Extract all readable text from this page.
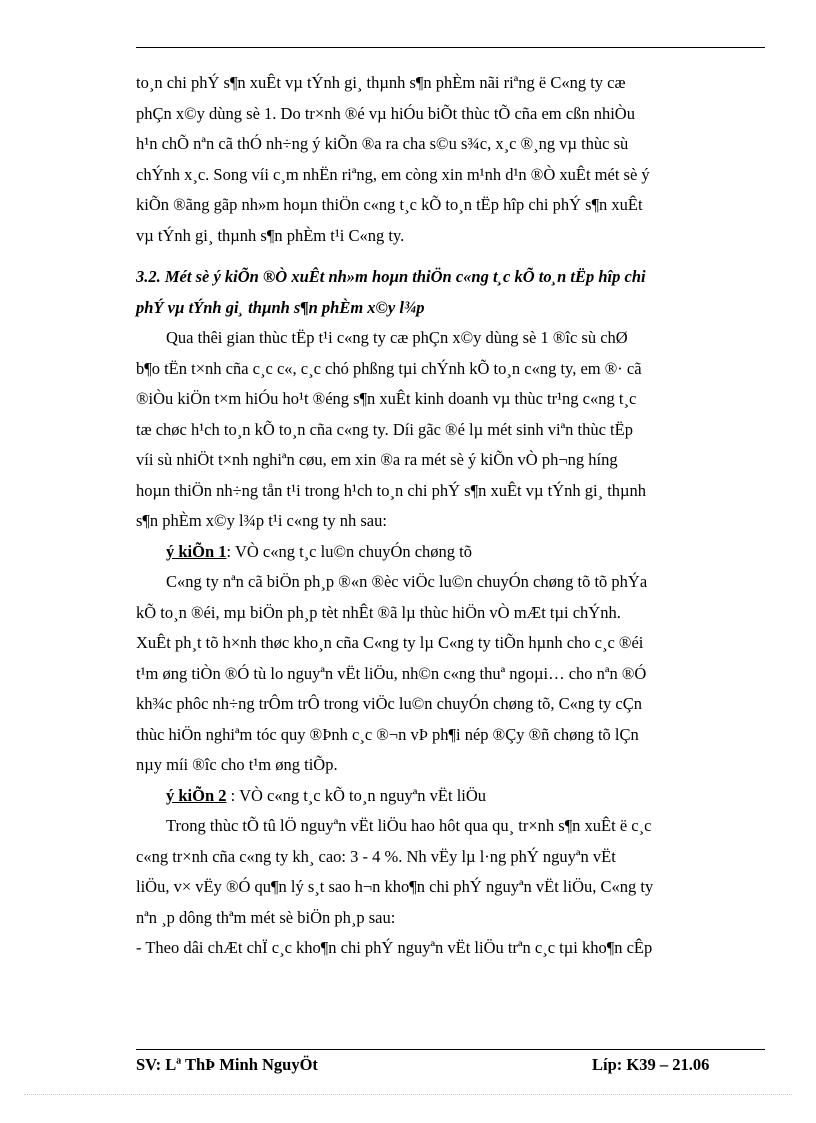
to¸n chi phÝ s¶n xuÊt vµ tÝnh gi¸ thµnh s¶n phÈm nãi riªng ë C«ng ty cæ
phÇn x©y dùng sè 1. Do tr×nh ®é vµ hiÓu biÕt thùc tÕ cña em cßn nhiÒu
h¹n chÕ nªn cã thÓ nh÷ng ý kiÕn ®a ra cha s©u s¾c, x¸c ®¸ng vµ thùc sù
chÝnh x¸c. Song víi c¸m nhËn riªng, em còng xin m¹nh d¹n ®Ò xuÊt mét sè ý
kiÕn ®ãng gãp nh»m hoµn thiÖn c«ng t¸c kÕ to¸n tËp hîp chi phÝ s¶n xuÊt
vµ tÝnh gi¸ thµnh s¶n phÈm t¹i C«ng ty.

3.2. Mét sè ý kiÕn ®Ò xuÊt nh»m hoµn thiÖn c«ng t¸c kÕ to¸n tËp hîp chi
phÝ vµ tÝnh gi¸ thµnh s¶n phÈm x©y l¾p

Qua thêi gian thùc tËp t¹i c«ng ty cæ phÇn x©y dùng sè 1 ®îc sù chØ
b¶o tËn t×nh cña c¸c c«, c¸c chó phßng tµi chÝnh kÕ to¸n c«ng ty, em ®· cã
®iÒu kiÖn t×m hiÓu ho¹t ®éng s¶n xuÊt kinh doanh vµ thùc tr¹ng c«ng t¸c
tæ chøc h¹ch to¸n kÕ to¸n cña c«ng ty. Díi gãc ®é lµ mét sinh viªn thùc tËp
víi sù nhiÖt t×nh nghiªn cøu, em xin ®a ra mét sè ý kiÕn vÒ ph¬ng híng
hoµn thiÖn nh÷ng tån t¹i trong h¹ch to¸n chi phÝ s¶n xuÊt vµ tÝnh gi¸ thµnh
s¶n phÈm x©y l¾p t¹i c«ng ty nh sau:

ý kiÕn 1: VÒ c«ng t¸c lu©n chuyÓn chøng tõ

C«ng ty nªn cã biÖn ph¸p ®«n ®èc viÖc lu©n chuyÓn chøng tõ tõ phÝa
kÕ to¸n ®éi, mµ biÖn ph¸p tèt nhÊt ®ã lµ thùc hiÖn vÒ mÆt tµi chÝnh.
XuÊt ph¸t tõ h×nh thøc kho¸n cña C«ng ty lµ C«ng ty tiÕn hµnh cho c¸c ®éi
t¹m øng tiÒn ®Ó tù lo nguyªn vËt liÖu, nh©n c«ng thuª ngoµi… cho nªn ®Ó
kh¾c phôc nh÷ng trÔm trÔ trong viÖc lu©n chuyÓn chøng tõ, C«ng ty cÇn
thùc hiÖn nghiªm tóc quy ®Þnh c¸c ®¬n vÞ ph¶i nép ®Çy ®ñ chøng tõ lÇn
nµy míi ®îc cho t¹m øng tiÕp.

ý kiÕn 2 : VÒ c«ng t¸c kÕ to¸n nguyªn vËt liÖu

Trong thùc tÕ tû lÖ nguyªn vËt liÖu hao hôt qua qu¸ tr×nh s¶n xuÊt ë c¸c
c«ng tr×nh cña c«ng ty kh¸ cao: 3 - 4 %. Nh vËy lµ l·ng phÝ nguyªn vËt
liÖu, v× vËy ®Ó qu¶n lý s¸t sao h¬n kho¶n chi phÝ nguyªn vËt liÖu, C«ng ty
nªn ¸p dông thªm mét sè biÖn ph¸p sau:

- Theo dâi chÆt chÏ c¸c kho¶n chi phÝ nguyªn vËt liÖu trªn c¸c tµi kho¶n cÊp

SV: Lª ThÞ Minh NguyÖt	Líp: K39 – 21.06
